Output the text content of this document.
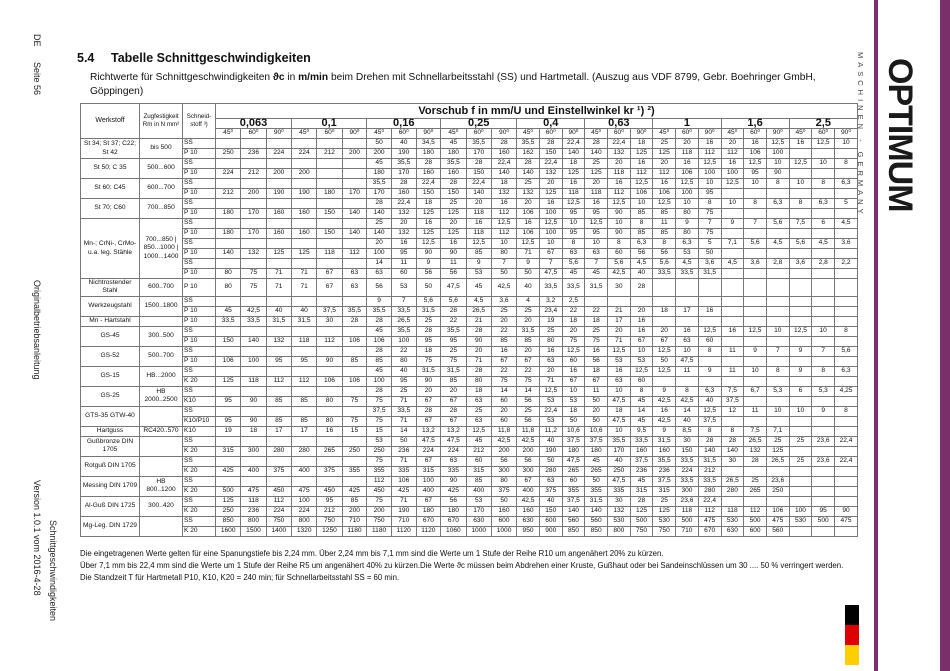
DE
Seite 56
Originalbetriebsanleitung
Version 1.0.1 vom 2016-4-28 Schnittgeschwindigkeiten
OPTIMUM
MASCHINEN - GERMANY
5.4 Tabelle Schnittgeschwindigkeiten
Richtwerte für Schnittgeschwindigkeiten ϑc in m/min beim Drehen mit Schnellarbeitsstahl (SS) und Hartmetall. (Auszug aus VDF 8799, Gebr. Boehringer GmbH, Göppingen)
Werkstoff	Zugfestigkeit Rm in N mm²	Schneid-stoff ³)	Vorschub f in mm/U und Einstellwinkel kr ¹) ²)																										
			0,063			0,1			0,16			0,25			0,4			0,63			1			1,6			2,5		
			45⁰	60⁰	90⁰	45⁰	60⁰	90⁰	45⁰	60⁰	90⁰	45⁰	60⁰	90⁰	45⁰	60⁰	90⁰	45⁰	60⁰	90⁰	45⁰	60⁰	90⁰	45⁰	60⁰	90⁰	45⁰	60⁰	90⁰
St 34; St 37; C22; St 42	bis 500	SS							50	40	34,5	45	35,5	28	35,5	28	22,4	28	22,4	18	25	20	16	20	16	12,5	16	12,5	10
		P 10	250	236	224	224	212	200	200	190	180	180	170	160	162	150	140	140	132	125	125	118	112	112	106	100			
St 50; C 35	500...600	SS							45	35,5	28	35,5	28	22,4	28	22,4	18	25	20	16	20	16	12,5	16	12,5	10	12,5	10	8
		P 10	224	212	200	200			180	170	160	160	150	140	140	132	125	125	118	112	112	106	100	100	95	90			
St 60; C45	600...700	SS							35,5	28	22,4	28	22,4	18	25	20	16	20	16	12,5	16	12,5	10	12,5	10	8	10	8	6,3
		P 10	212	200	190	190	180	170	170	160	150	150	140	132	132	125	118	118	112	106	106	100	95						
St 70; C60	700...850	SS							28	22,4	18	25	20	16	20	16	12,5	16	12,5	10	12,5	10	8	10	8	6,3	8	6,3	5
		P 10	180	170	160	160	150	140	140	132	125	125	118	112	106	100	95	95	90	85	85	80	75						
Mn-; CrNi-, CrMo- u.a. leg. Stähle	700...850 | 850...1000 | 1000...1400	SS							25	20	16	20	16	12,5	16	12,5	10	12,5	10	8	11	9	7	9	7	5,6	7,5	6	4,5
		P 10	180	170	160	160	150	140	140	132	125	125	118	112	106	100	95	95	90	85	85	80	75						
		SS							20	16	12,5	16	12,5	10	12,5	10	8	10	8	6,3	8	6,3	5	7,1	5,6	4,5	5,6	4,5	3,6
		P 10	140	132	125	125	118	112	100	95	90	90	85	80	71	67	63	63	60	56	56	53	50						
		SS							14	11	9	11	9	7	9	7	5,6	7	5,6	4,5	5,6	4,5	3,6	4,5	3,6	2,8	3,6	2,8	2,2
		P 10	80	75	71	71	67	63	63	60	56	56	53	50	50	47,5	45	45	42,5	40	33,5	33,5	31,5						
Nichtrostender Stahl	600..700	P 10	80	75	71	71	67	63	56	53	50	47,5	45	42,5	40	33,5	33,5	31,5	30	28									
Werkzeugstahl	1500..1800	SS							9	7	5,6	5,6	4,5	3,6	4	3,2	2,5												
		P 10	45	42,5	40	40	37,5	35,5	35,5	33,5	31,5	28	26,5	25	25	23,4	22	22	21	20	18	17	16						
Mn - Hartstahl		P 10	33,5	33,5	31,5	31,5	30	28	28	26,5	25	22	21	20	20	19	18	18	17	16									
GS-45	300..500	SS							45	35,5	28	35,5	28	22	31,5	25	20	25	20	16	20	16	12,5	16	12,5	10	12,5	10	8
		P 10	150	140	132	118	112	106	106	100	95	95	90	85	85	80	75	75	71	67	67	63	60						
GS-52	500..700	SS							28	22	18	25	20	16	20	16	12,5	16	12,5	10	12,5	10	8	11	9	7	9	7	5,6
		P 10	106	100	95	95	90	85	85	80	75	75	71	67	67	63	60	56	53	53	50	47,5							
GS-15	HB...2000	SS							45	40	31,5	31,5	28	22	22	20	16	18	16	12,5	12,5	11	9	11	10	8	9	8	6,3
		K 20	125	118	112	112	106	106	100	95	90	85	80	75	75	71	67	67	63	60									
GS-25	HB 2000..2500	SS							28	25	20	20	18	14	14	12,5	10	11	10	8	9	8	6,3	7,5	6,7	5,3	6	5,3	4,25
		K10	95	90	85	85	80	75	75	71	67	67	63	60	56	53	53	50	47,5	45	42,5	42,5	40	37,5					
GTS-35 GTW-40		SS							37,5	33,5	28	28	25	20	25	22,4	18	20	18	14	16	14	12,5	12	11	10	10	9	8
		K10/P10	95	90	85	85	80	75	75	71	67	67	63	60	56	53	50	50	47,5	45	42,5	40	37,5						
Hartguss	RC420..570	K10	19	18	17	17	16	15	15	14	13,2	13,2	12,5	11,8	11,8	11,2	10,6	10,6	10	9,5	9	8,5	8	8	7,5	7,1			
Gußbronze DIN 1705		SS							53	50	47,5	47,5	45	42,5	42,5	40	37,5	37,5	35,5	33,5	31,5	30	28	28	26,5	25	25	23,6	22,4
		K 20	315	300	280	280	265	250	250	236	224	224	212	200	200	190	180	180	170	160	160	150	140	140	132	125			
Rotguß DIN 1705		SS							75	71	67	63	60	56	56	50	47,5	45	40	37,5	35,5	33,5	31,5	30	28	26,5	25	23,6	22,4
		K 20	425	400	375	400	375	355	355	335	315	335	315	300	300	280	265	265	250	236	236	224	212						
Messing DIN 1709	HB 800..1200	SS							112	106	100	90	85	80	67	63	60	50	47,5	45	37,5	33,5	33,5	26,5	25	23,6			
		K 20	500	475	450	475	450	425	450	425	400	425	400	375	400	375	355	355	335	315	315	300	280	280	265	250			
Al-Guß DIN 1725	300..420	SS	125	118	112	100	95	85	75	71	67	56	53	50	42,5	40	37,5	31,5	30	28	25	23,6	22,4						
		K 20	250	236	224	224	212	200	200	190	180	180	170	160	160	150	140	140	132	125	125	118	112	118	112	106	100	95	90
Mg-Leg. DIN 1729		SS	850	800	750	800	750	710	750	710	670	670	630	600	630	600	560	560	530	500	530	500	475	530	500	475	530	500	475
		K 20	1600	1500	1400	1320	1250	1180	1180	1120	1120	1060	1000	1000	950	900	850	850	800	750	750	710	670	630	600	560			
Die eingetragenen Werte gelten für eine Spanungstiefe bis 2,24 mm. Über 2,24 mm bis 7,1 mm sind die Werte um 1 Stufe der Reihe R10 um angenähert 20% zu kürzen.
Über 7,1 mm bis 22,4 mm sind die Werte um 1 Stufe der Reihe R5 um angenähert 40% zu kürzen.Die Werte ϑc müssen beim Abdrehen einer Kruste, Gußhaut oder bei Sandeinschlüssen um 30 .... 50 % verringert werden.
Die Standzeit T für Hartmetall P10, K10, K20 = 240 min; für Schnellarbeitsstahl SS = 60 min.
